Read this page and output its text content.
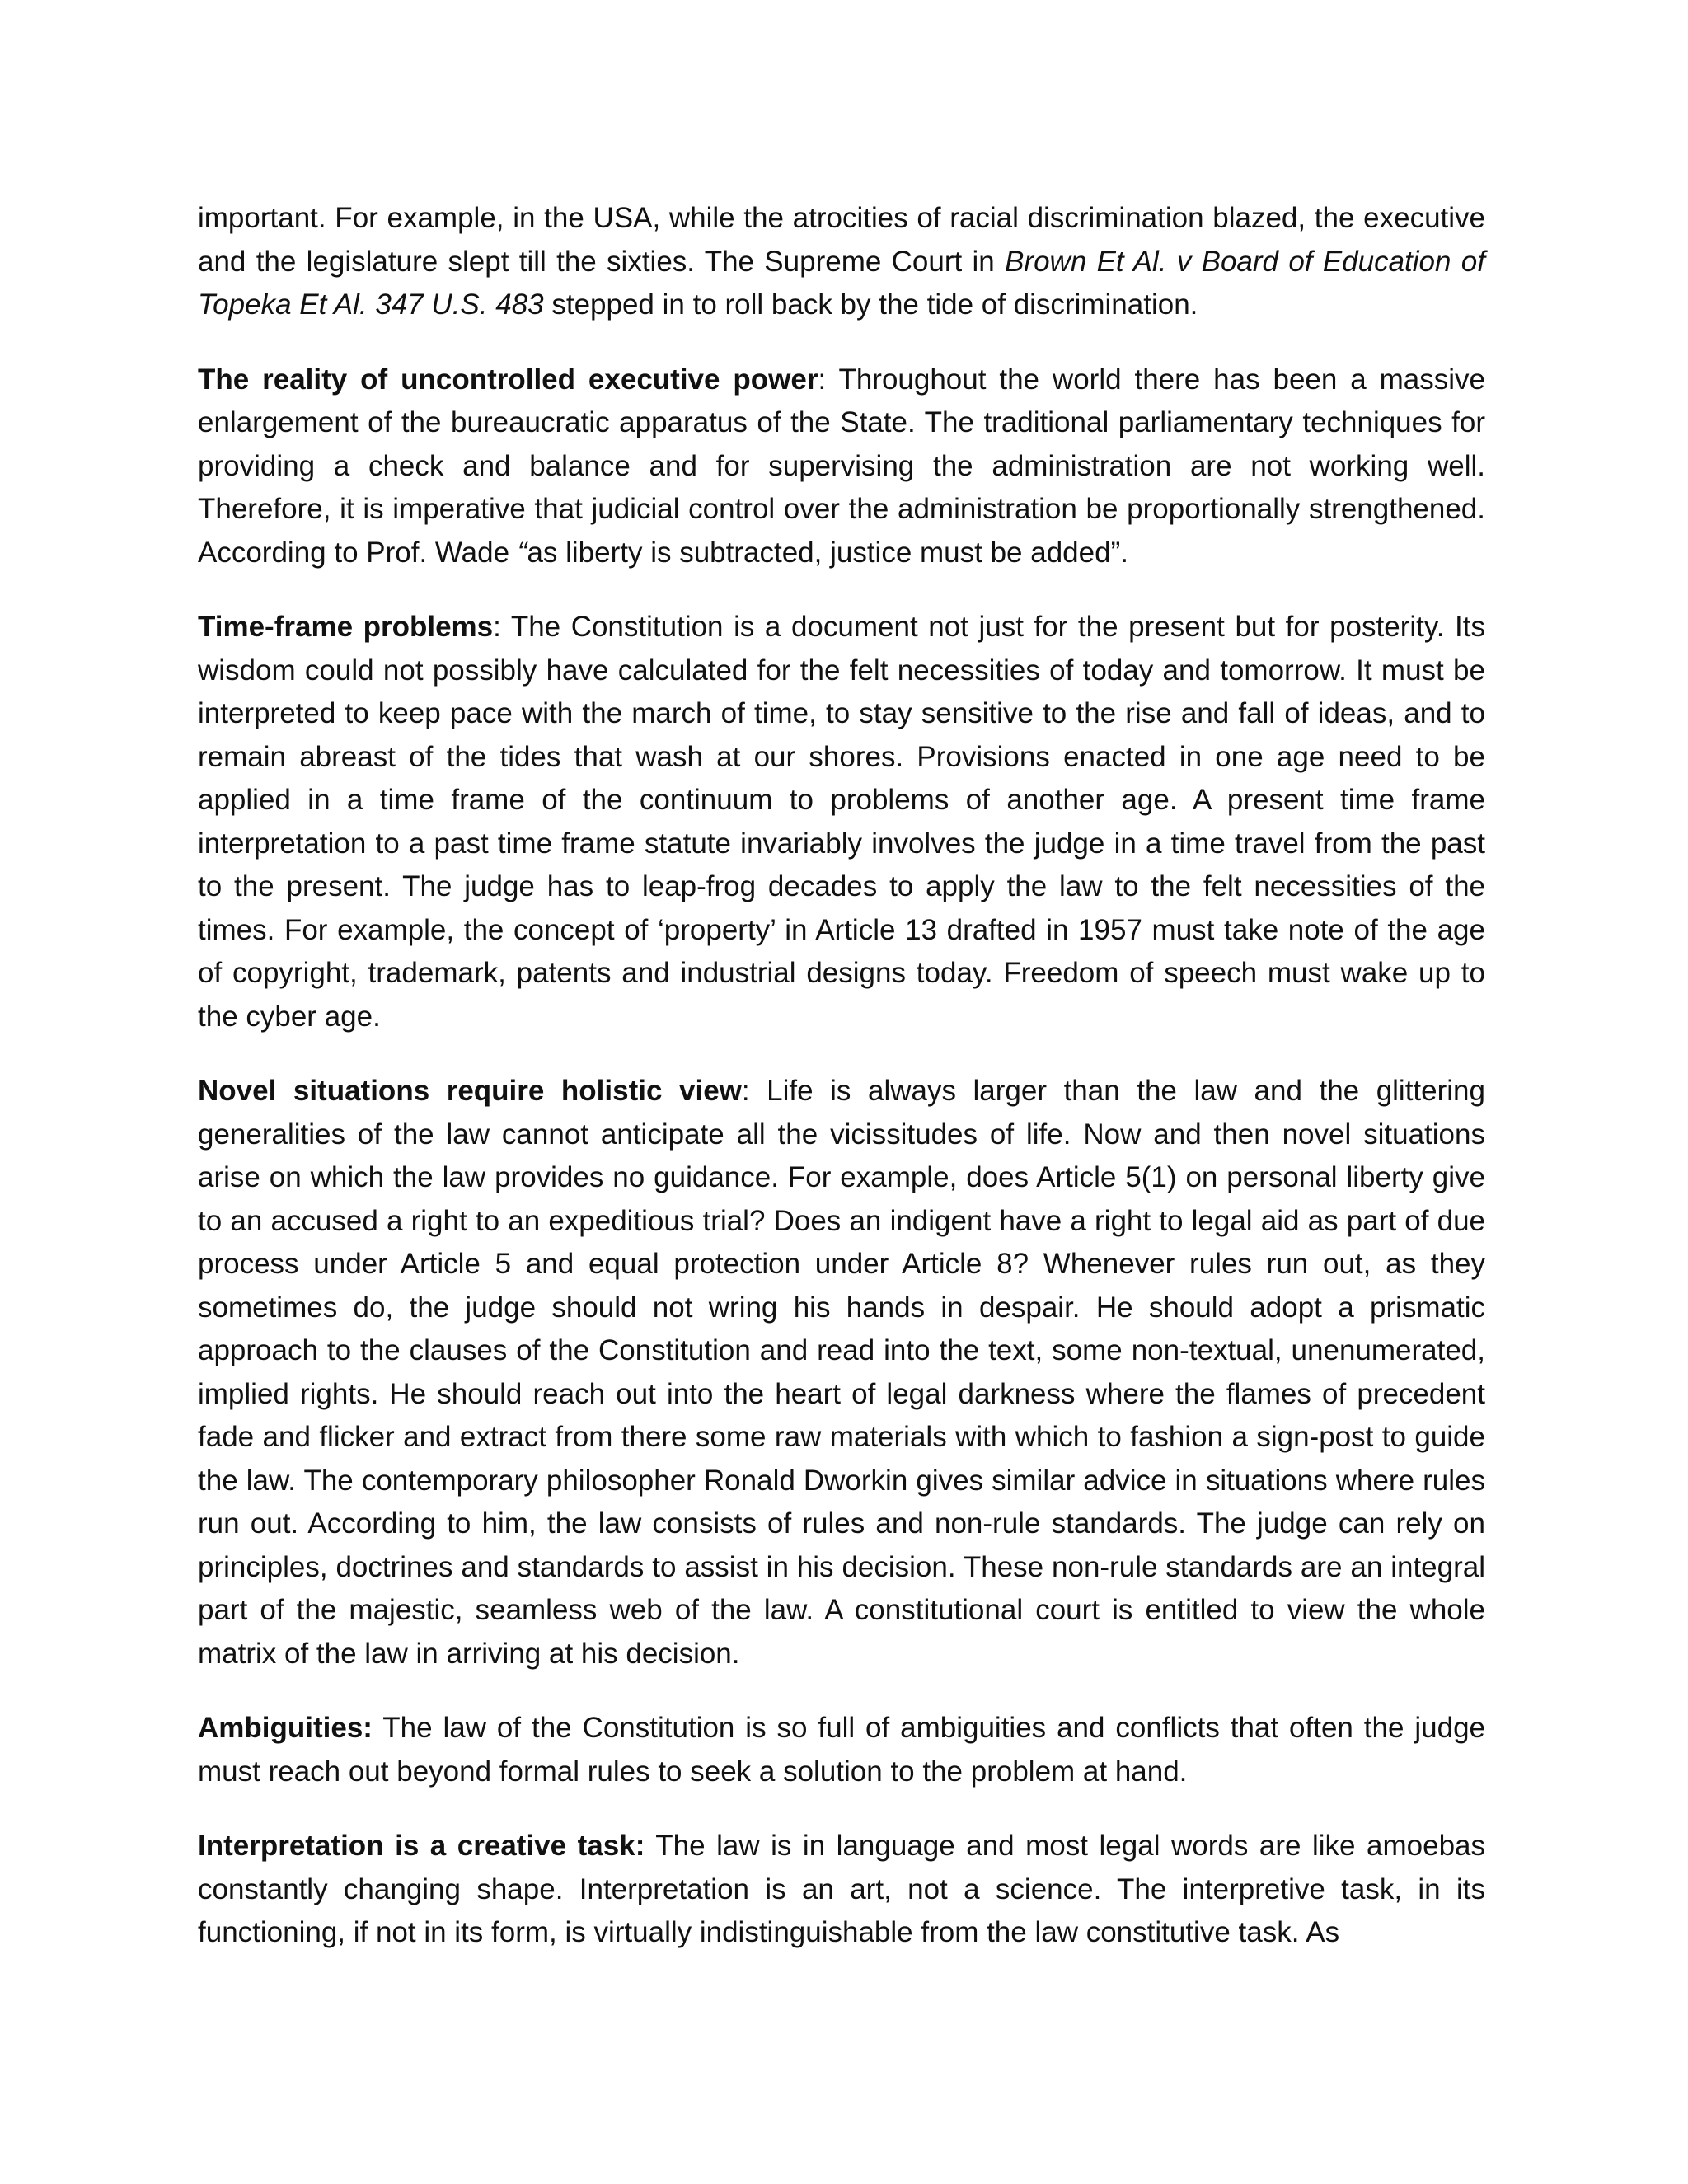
important. For example, in the USA, while the atrocities of racial discrimination blazed, the executive and the legislature slept till the sixties. The Supreme Court in Brown Et Al. v Board of Education of Topeka Et Al. 347 U.S. 483 stepped in to roll back by the tide of discrimination.

The reality of uncontrolled executive power: Throughout the world there has been a massive enlargement of the bureaucratic apparatus of the State. The traditional parliamentary techniques for providing a check and balance and for supervising the administration are not working well. Therefore, it is imperative that judicial control over the administration be proportionally strengthened. According to Prof. Wade “as liberty is subtracted, justice must be added”.

Time-frame problems: The Constitution is a document not just for the present but for posterity. Its wisdom could not possibly have calculated for the felt necessities of today and tomorrow. It must be interpreted to keep pace with the march of time, to stay sensitive to the rise and fall of ideas, and to remain abreast of the tides that wash at our shores. Provisions enacted in one age need to be applied in a time frame of the continuum to problems of another age. A present time frame interpretation to a past time frame statute invariably involves the judge in a time travel from the past to the present. The judge has to leap-frog decades to apply the law to the felt necessities of the times. For example, the concept of ‘property’ in Article 13 drafted in 1957 must take note of the age of copyright, trademark, patents and industrial designs today. Freedom of speech must wake up to the cyber age.

Novel situations require holistic view: Life is always larger than the law and the glittering generalities of the law cannot anticipate all the vicissitudes of life. Now and then novel situations arise on which the law provides no guidance. For example, does Article 5(1) on personal liberty give to an accused a right to an expeditious trial? Does an indigent have a right to legal aid as part of due process under Article 5 and equal protection under Article 8? Whenever rules run out, as they sometimes do, the judge should not wring his hands in despair. He should adopt a prismatic approach to the clauses of the Constitution and read into the text, some non-textual, unenumerated, implied rights. He should reach out into the heart of legal darkness where the flames of precedent fade and flicker and extract from there some raw materials with which to fashion a sign-post to guide the law. The contemporary philosopher Ronald Dworkin gives similar advice in situations where rules run out. According to him, the law consists of rules and non-rule standards. The judge can rely on principles, doctrines and standards to assist in his decision. These non-rule standards are an integral part of the majestic, seamless web of the law. A constitutional court is entitled to view the whole matrix of the law in arriving at his decision.

Ambiguities: The law of the Constitution is so full of ambiguities and conflicts that often the judge must reach out beyond formal rules to seek a solution to the problem at hand.

Interpretation is a creative task: The law is in language and most legal words are like amoebas constantly changing shape. Interpretation is an art, not a science. The interpretive task, in its functioning, if not in its form, is virtually indistinguishable from the law constitutive task. As
